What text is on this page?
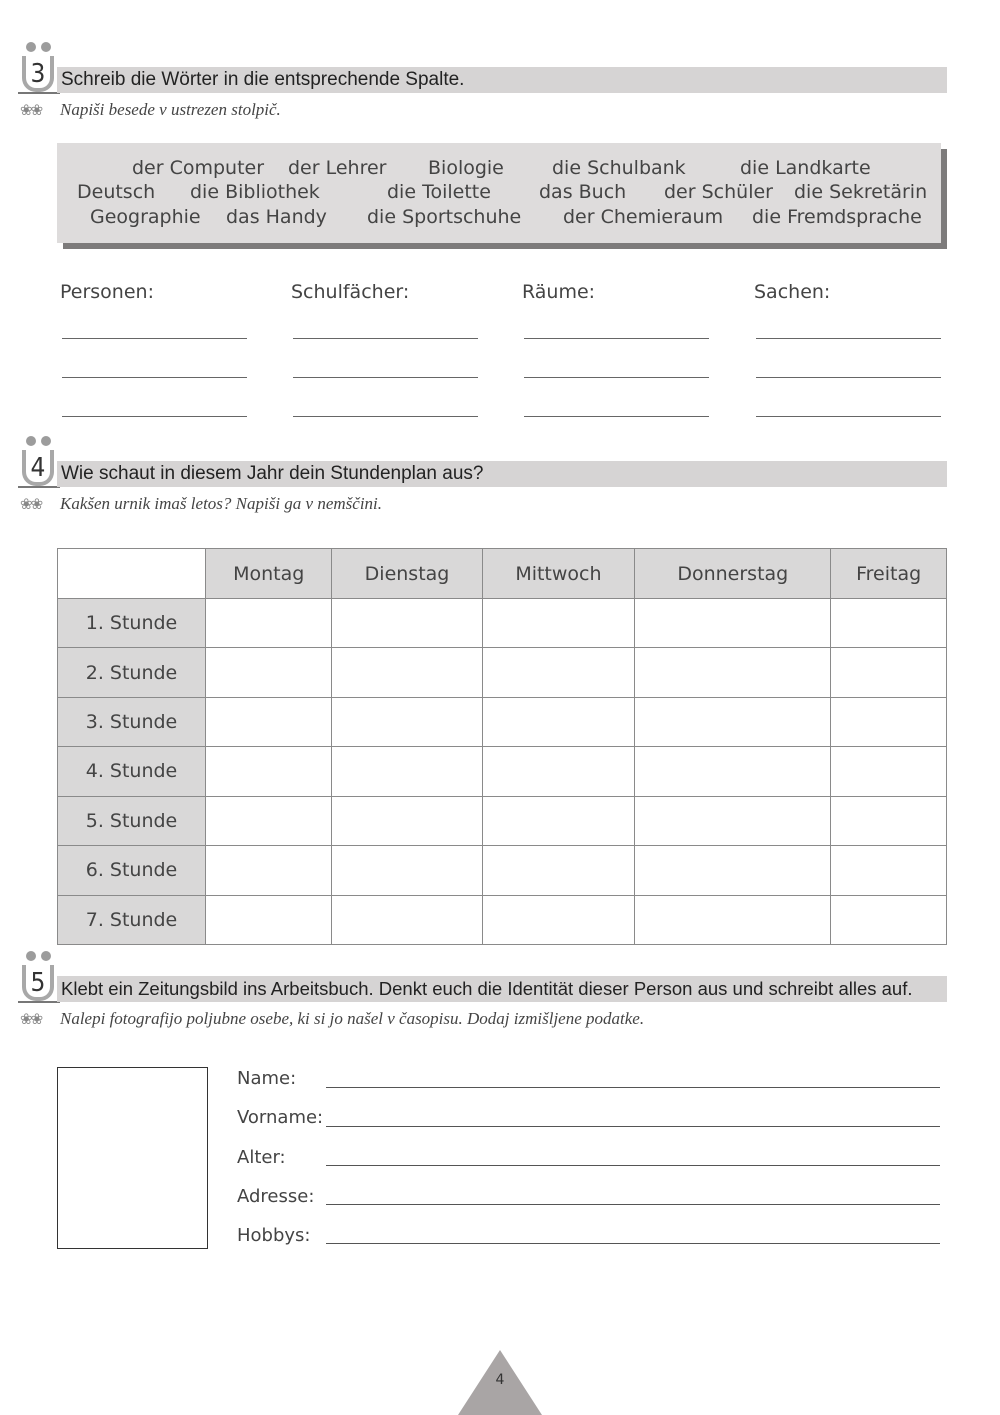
3 Schreib die Wörter in die entsprechende Spalte.
❀❀ Napiši besede v ustrezen stolpič.
der Computer der Lehrer Biologie	die Schulbank	die Landkarte
Deutsch die Bibliothek	die Toilette	das Buch der Schüler die Sekretärin
Geographie das Handy die Sportschuhe der Chemieraum die Fremdsprache
Personen:	Schulfächer:	Räume:	Sachen:
4 Wie schaut in diesem Jahr dein Stundenplan aus?
❀❀ Kakšen urnik imaš letos? Napiši ga v nemščini.
	Montag	Dienstag	Mittwoch	Donnerstag	Freitag
1. Stunde					
2. Stunde					
3. Stunde					
4. Stunde					
5. Stunde					
6. Stunde					
7. Stunde					
5 Klebt ein Zeitungsbild ins Arbeitsbuch. Denkt euch die Identität dieser Person aus und schreibt alles auf.
❀❀ Nalepi fotografijo poljubne osebe, ki si jo našel v časopisu. Dodaj izmišljene podatke.
Name:
Vorname:
Alter:
Adresse:
Hobbys:
4
